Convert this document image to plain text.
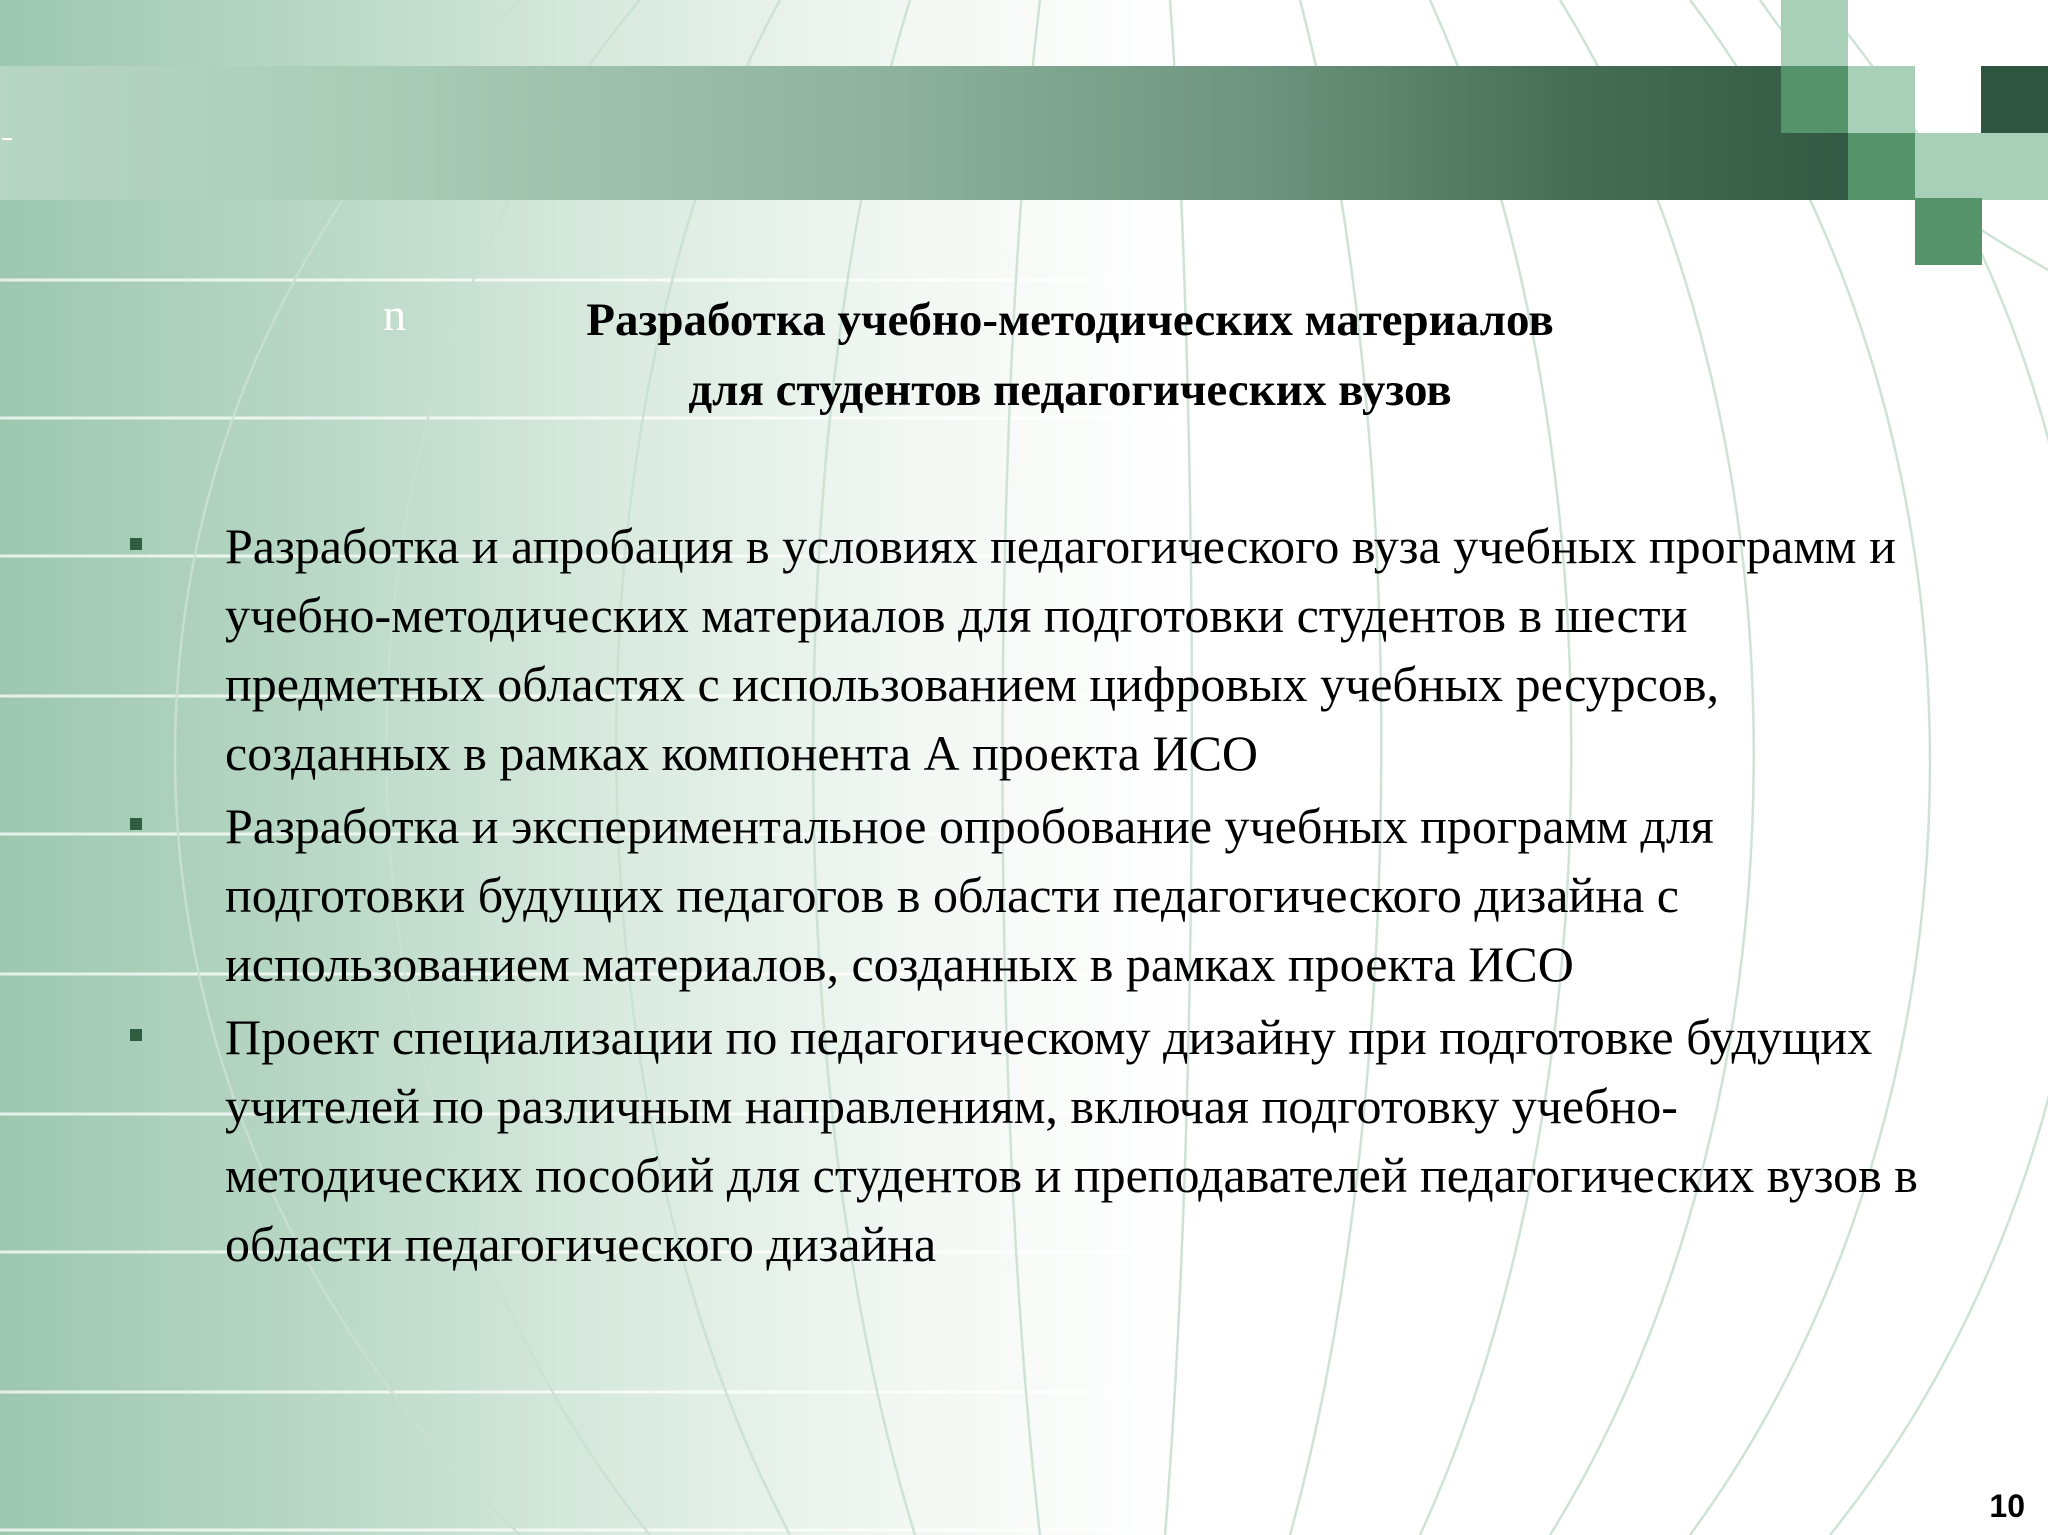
n	Разработка учебно-методических материалов
для студентов педагогических вузов
Разработка и апробация в условиях педагогического вуза учебных программ и учебно-методических материалов для подготовки студентов в шести предметных областях с использованием цифровых учебных ресурсов, созданных в рамках компонента А проекта ИСО
Разработка и экспериментальное опробование учебных программ для подготовки будущих педагогов в области педагогического дизайна с использованием материалов, созданных в рамках проекта ИСО
Проект специализации по педагогическому дизайну при подготовке будущих учителей по различным направлениям, включая подготовку учебно-методических пособий для студентов и преподавателей педагогических вузов в области педагогического дизайна
10
